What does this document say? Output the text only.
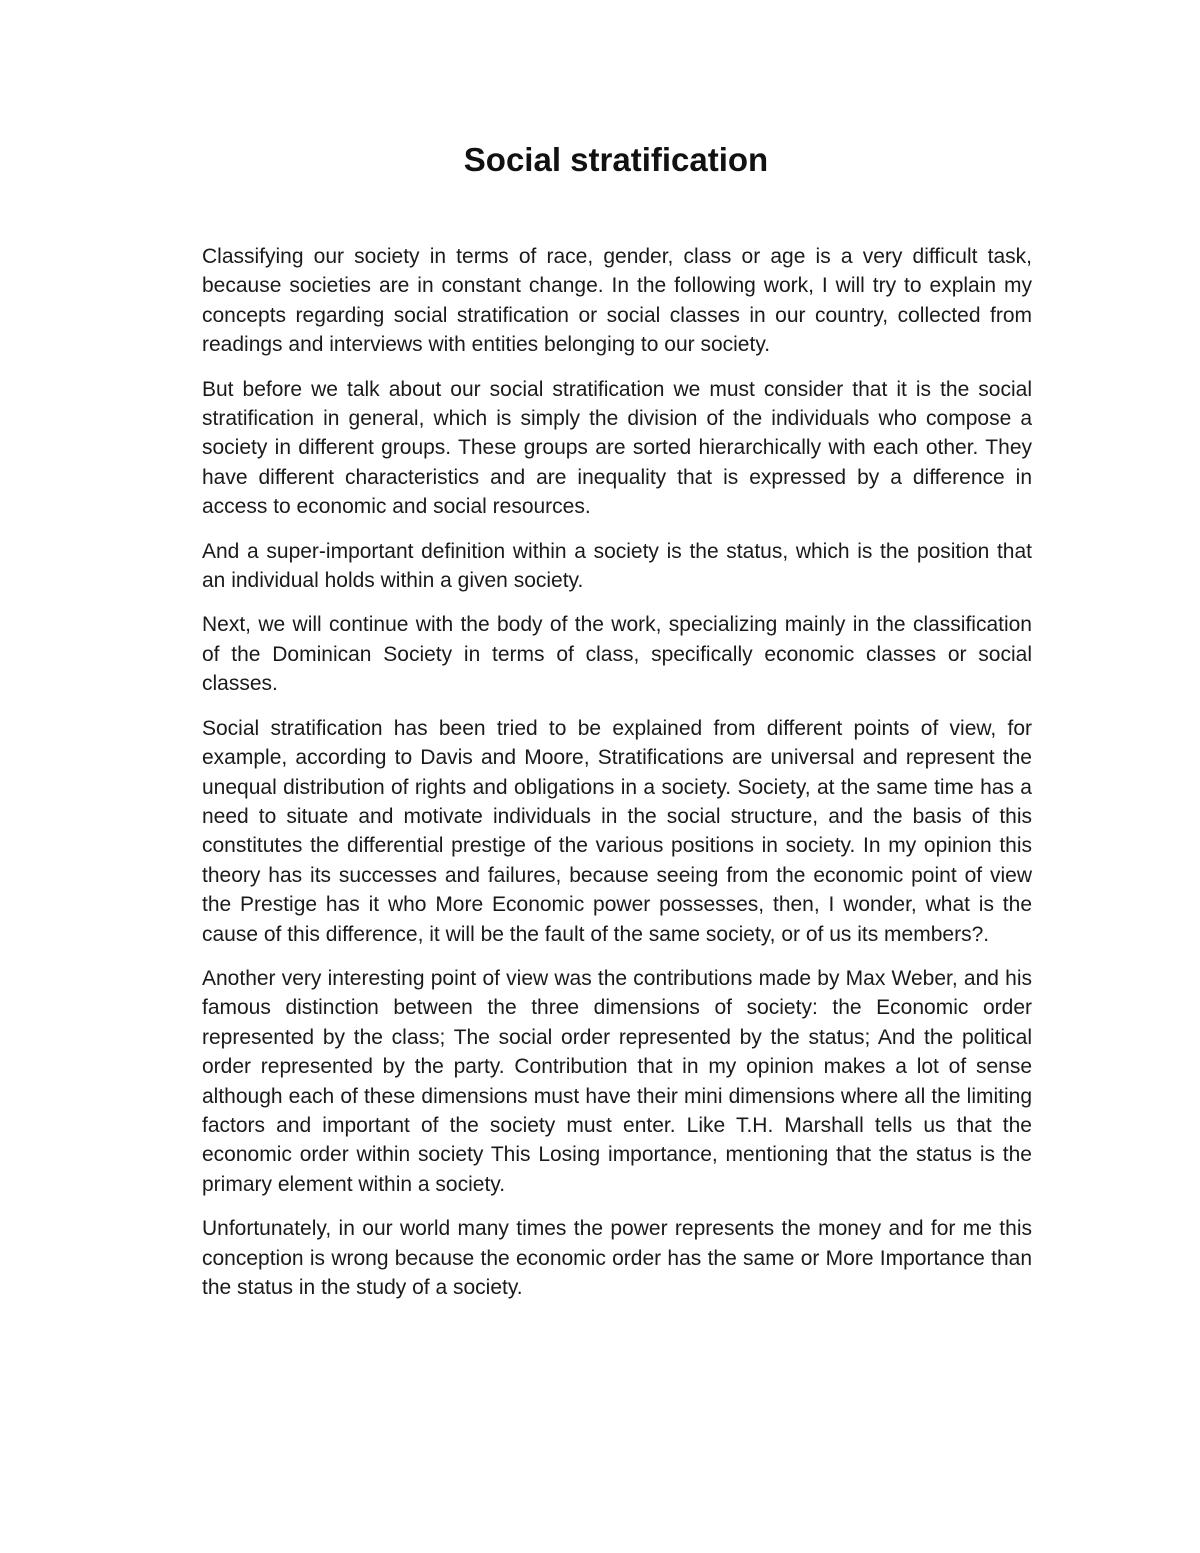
Social stratification

Classifying our society in terms of race, gender, class or age is a very difficult task, because societies are in constant change. In the following work, I will try to explain my concepts regarding social stratification or social classes in our country, collected from readings and interviews with entities belonging to our society.

But before we talk about our social stratification we must consider that it is the social stratification in general, which is simply the division of the individuals who compose a society in different groups. These groups are sorted hierarchically with each other. They have different characteristics and are inequality that is expressed by a difference in access to economic and social resources.

And a super-important definition within a society is the status, which is the position that an individual holds within a given society.

Next, we will continue with the body of the work, specializing mainly in the classification of the Dominican Society in terms of class, specifically economic classes or social classes.

Social stratification has been tried to be explained from different points of view, for example, according to Davis and Moore, Stratifications are universal and represent the unequal distribution of rights and obligations in a society. Society, at the same time has a need to situate and motivate individuals in the social structure, and the basis of this constitutes the differential prestige of the various positions in society. In my opinion this theory has its successes and failures, because seeing from the economic point of view the Prestige has it who More Economic power possesses, then, I wonder, what is the cause of this difference, it will be the fault of the same society, or of us its members?.

Another very interesting point of view was the contributions made by Max Weber, and his famous distinction between the three dimensions of society: the Economic order represented by the class; The social order represented by the status; And the political order represented by the party. Contribution that in my opinion makes a lot of sense although each of these dimensions must have their mini dimensions where all the limiting factors and important of the society must enter. Like T.H. Marshall tells us that the economic order within society This Losing importance, mentioning that the status is the primary element within a society.

Unfortunately, in our world many times the power represents the money and for me this conception is wrong because the economic order has the same or More Importance than the status in the study of a society.
